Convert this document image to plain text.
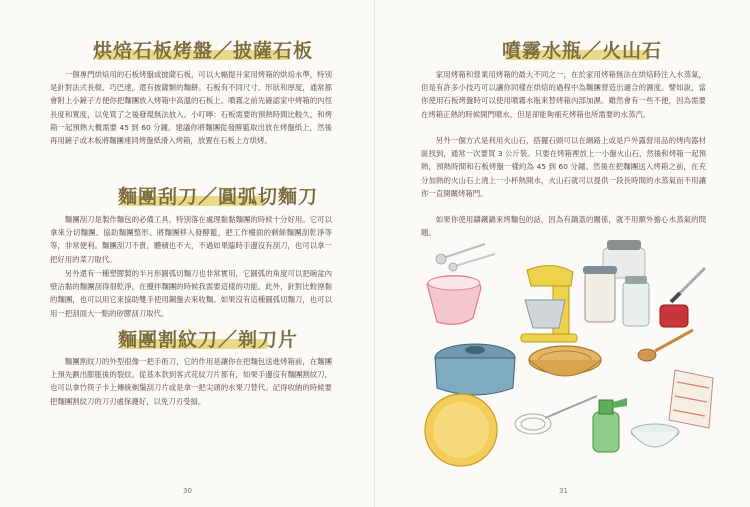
烘焙石板烤盤／披薩石板

一個專門烘焙用的石板烤盤或披薩石板，可以大幅提升家用烤箱的烘焙水準，特別是針對法式長棍、巧巴達，還有披薩類的麵餅。石板有不同尺寸、形狀和厚度，通常都會附上小鏟子方便你把麵團放入烤箱中高溫的石板上。噴霧之前先確認家中烤箱的內徑長度和寬度，以免買了之後發現無法放入。小叮嚀：石板需要的預熱時間比較久，和烤箱一起預熱大概需要 45 到 60 分鐘。建議你將麵團從發酵籃取出放在烤盤紙上，然後再用鏟子或木板將麵團連同烤盤紙滑入烤箱，放置在石板上方烘烤。

麵團刮刀／圓弧切麵刀

麵團刮刀是製作麵包的必備工具，特別落在處理黏黏麵團的時候十分好用。它可以拿來分切麵團、協助麵團整形、將麵團移入發酵籃，把工作檯面的剩餘麵團刮乾淨等等，非常便利。麵團刮刀不貴，體積也不大，不過如果臨時手邊沒有刮刀，也可以拿一把好用的菜刀取代。

另外還有一種塑膠製的半月形圓弧切麵刀也非常實用，它圓弧的角度可以把碗盆內壁沾黏的麵團刮得很乾淨，在攪拌麵團的時候我需要這樣的功能。此外，針對比較溼黏的麵團，也可以用它來協助雙手使用鋼盤去來收麵。如果沒有這種圓弧切麵刀，也可以用一把刮面大一點的矽膠刮刀取代。

麵團割紋刀／剃刀片

麵團割紋刀的外型很像一把手術刀，它的作用是讓你在把麵包送進烤箱前，在麵團上預先劃出膨脹後的裂紋。從基本款到客式花紋刀片都有，如果手邊沒有麵團割紋刀，也可以拿竹筷子卡上傳統剃鬚刮刀片或是拿一把尖頭的水果刀替代。記得收納的時候要把麵團割紋刀的刀刃處保護好，以免刀刃受損。

30
噴霧水瓶／火山石

家用烤箱和營業用烤箱的最大不同之一，在於家用烤箱無法在烘焙時注入水蒸氣，但是有許多小技巧可以讓你同樣在烘焙的過程中為麵團營造出適合的濕度。譬如說，當你使用石板烤盤時可以使用噴霧水瓶來替烤箱內部加濕。雖然會有一些不便，因為需要在烤箱正熱的時候開門噴水，但是卻能夠補充烤箱也所需要的水蒸汽。

另外一個方式是利用火山石，搭擺石頭可以在網路上或是戶外露營用品的烤肉器材區找到，通常一次要買 3 公斤裝。只要在烤箱裡放上一小盤火山石，然後和烤箱一起預熱，預熱時間和石板烤盤一樣約為 45 到 60 分鐘。然後在把麵團送入烤箱之前，在充分加熱的火山石上澆上一小杯熱開水，火山石就可以提供一段長時間的水蒸氣而不用讓你一直開關烤箱門。

如果你使用鑄鐵鍋來烤麵包的話，因為有鍋蓋的關係，就不用額外擔心水蒸氣的問題。

31
